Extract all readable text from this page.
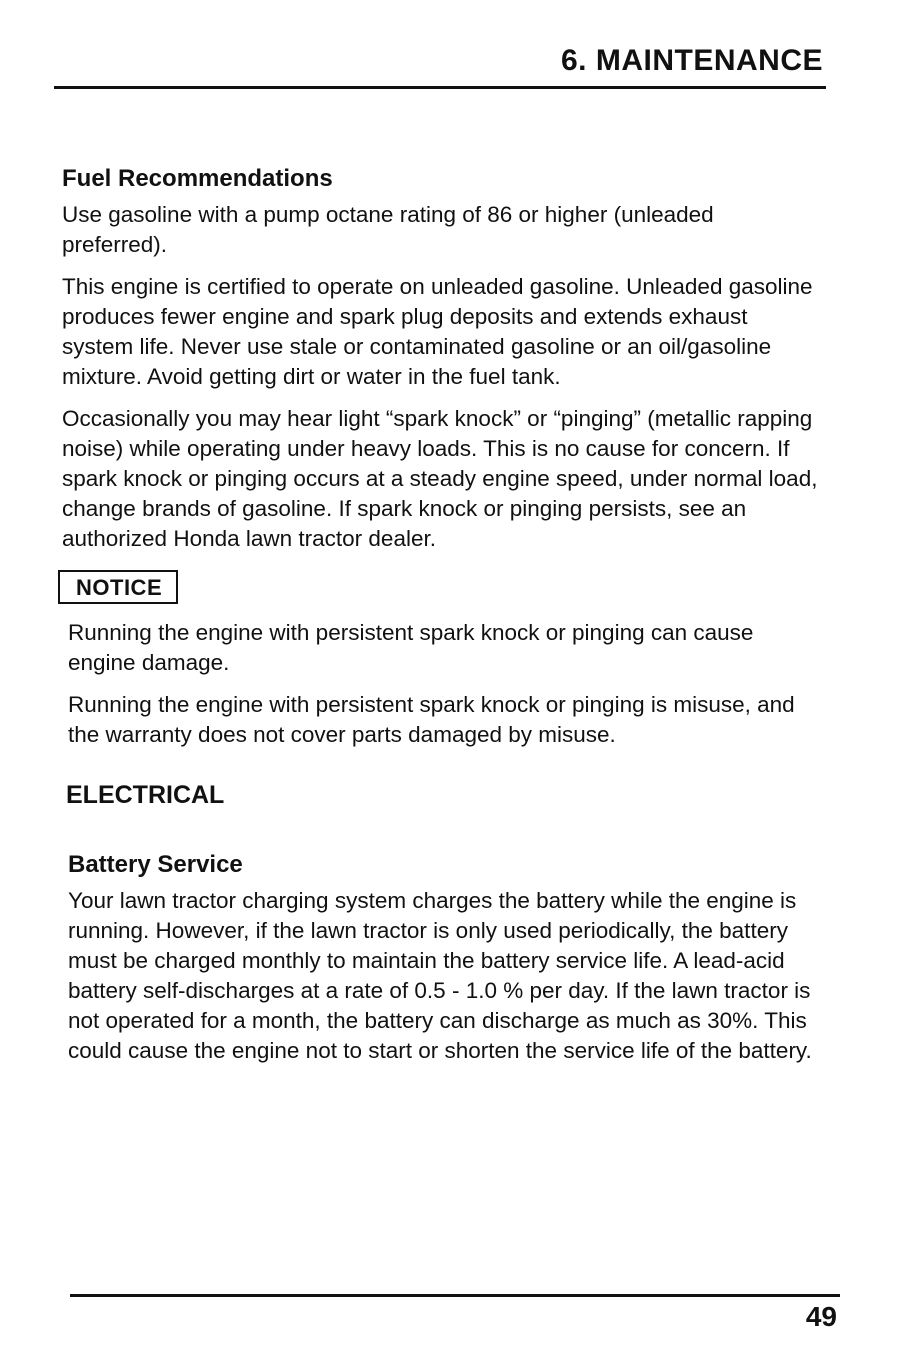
6. MAINTENANCE
Fuel Recommendations

Use gasoline with a pump octane rating of 86 or higher (unleaded preferred).

This engine is certified to operate on unleaded gasoline. Unleaded gasoline produces fewer engine and spark plug deposits and extends exhaust system life. Never use stale or contaminated gasoline or an oil/gasoline mixture. Avoid getting dirt or water in the fuel tank.

Occasionally you may hear light “spark knock” or “pinging” (metallic rapping noise) while operating under heavy loads. This is no cause for concern. If spark knock or pinging occurs at a steady engine speed, under normal load, change brands of gasoline. If spark knock or pinging persists, see an authorized Honda lawn tractor dealer.

NOTICE

Running the engine with persistent spark knock or pinging can cause engine damage.

Running the engine with persistent spark knock or pinging is misuse, and the warranty does not cover parts damaged by misuse.

ELECTRICAL
Battery Service

Your lawn tractor charging system charges the battery while the engine is running. However, if the lawn tractor is only used periodically, the battery must be charged monthly to maintain the battery service life. A lead-acid battery self-discharges at a rate of 0.5 - 1.0 % per day. If the lawn tractor is not operated for a month, the battery can discharge as much as 30%. This could cause the engine not to start or shorten the service life of the battery.

49
